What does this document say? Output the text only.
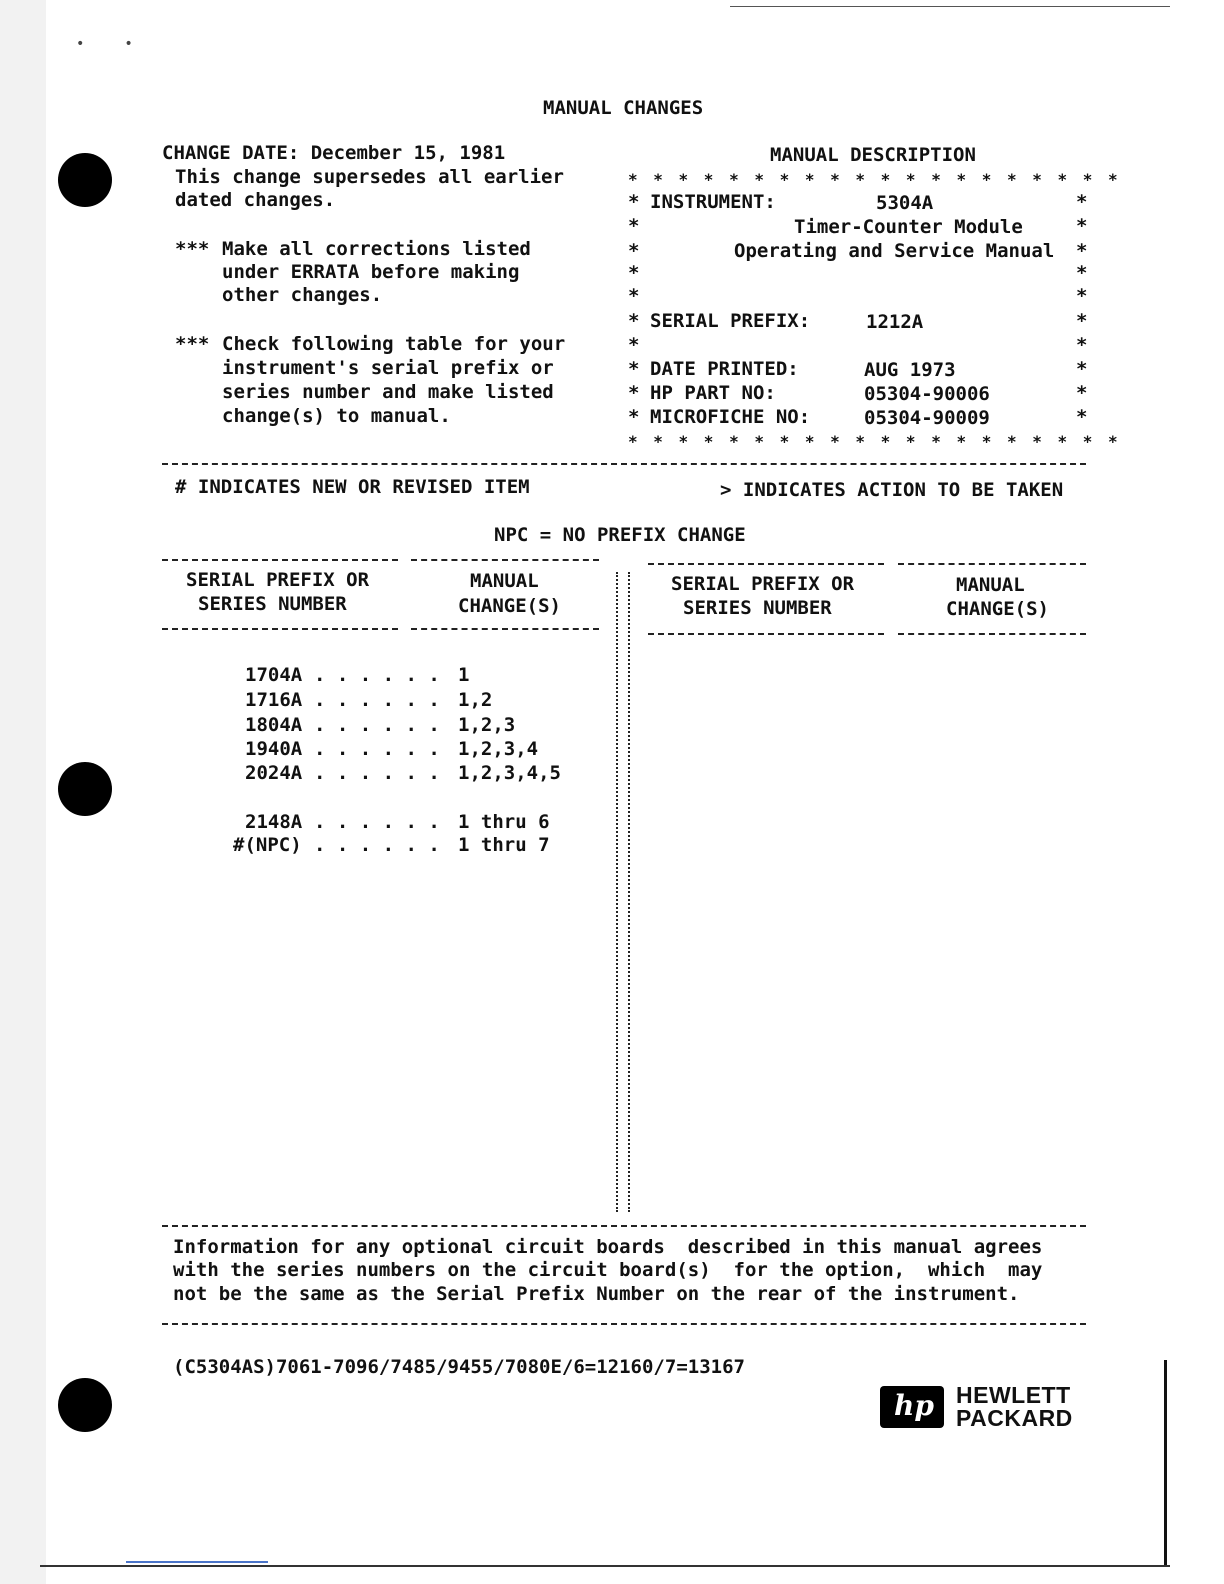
••
MANUAL CHANGES
CHANGE DATE: December 15, 1981
This change supersedes all earlier
dated changes.
*** Make all corrections listed
under ERRATA before making
other changes.
*** Check following table for your
instrument's serial prefix or
series number and make listed
change(s) to manual.
MANUAL DESCRIPTION
* * * * * * * * * * * * * * * * * * * *
*
*
*
*
*
*
*
*
*
*
*
*
*
*
*
*
*
*
*
*
INSTRUMENT:	5304A
Timer-Counter Module
Operating and Service Manual
SERIAL PREFIX:	1212A
DATE PRINTED:	AUG 1973
HP PART NO:	05304-90006
MICROFICHE NO:	05304-90009
* * * * * * * * * * * * * * * * * * * *
# INDICATES NEW OR REVISED ITEM	> INDICATES ACTION TO BE TAKEN
NPC = NO PREFIX CHANGE
SERIAL PREFIX OR
SERIES NUMBER
MANUAL
CHANGE(S)
SERIAL PREFIX OR
SERIES NUMBER
MANUAL
CHANGE(S)
1704A . . . . . . 1
1716A . . . . . . 1,2
1804A . . . . . . 1,2,3
1940A . . . . . . 1,2,3,4
2024A . . . . . . 1,2,3,4,5
2148A . . . . . . 1 thru 6
#(NPC) . . . . . . 1 thru 7
Information for any optional circuit boards  described in this manual agrees
with the series numbers on the circuit board(s)  for the option,  which  may
not be the same as the Serial Prefix Number on the rear of the instrument.
(C5304AS)7061-7096/7485/9455/7080E/6=12160/7=13167
hp HEWLETT
PACKARD
